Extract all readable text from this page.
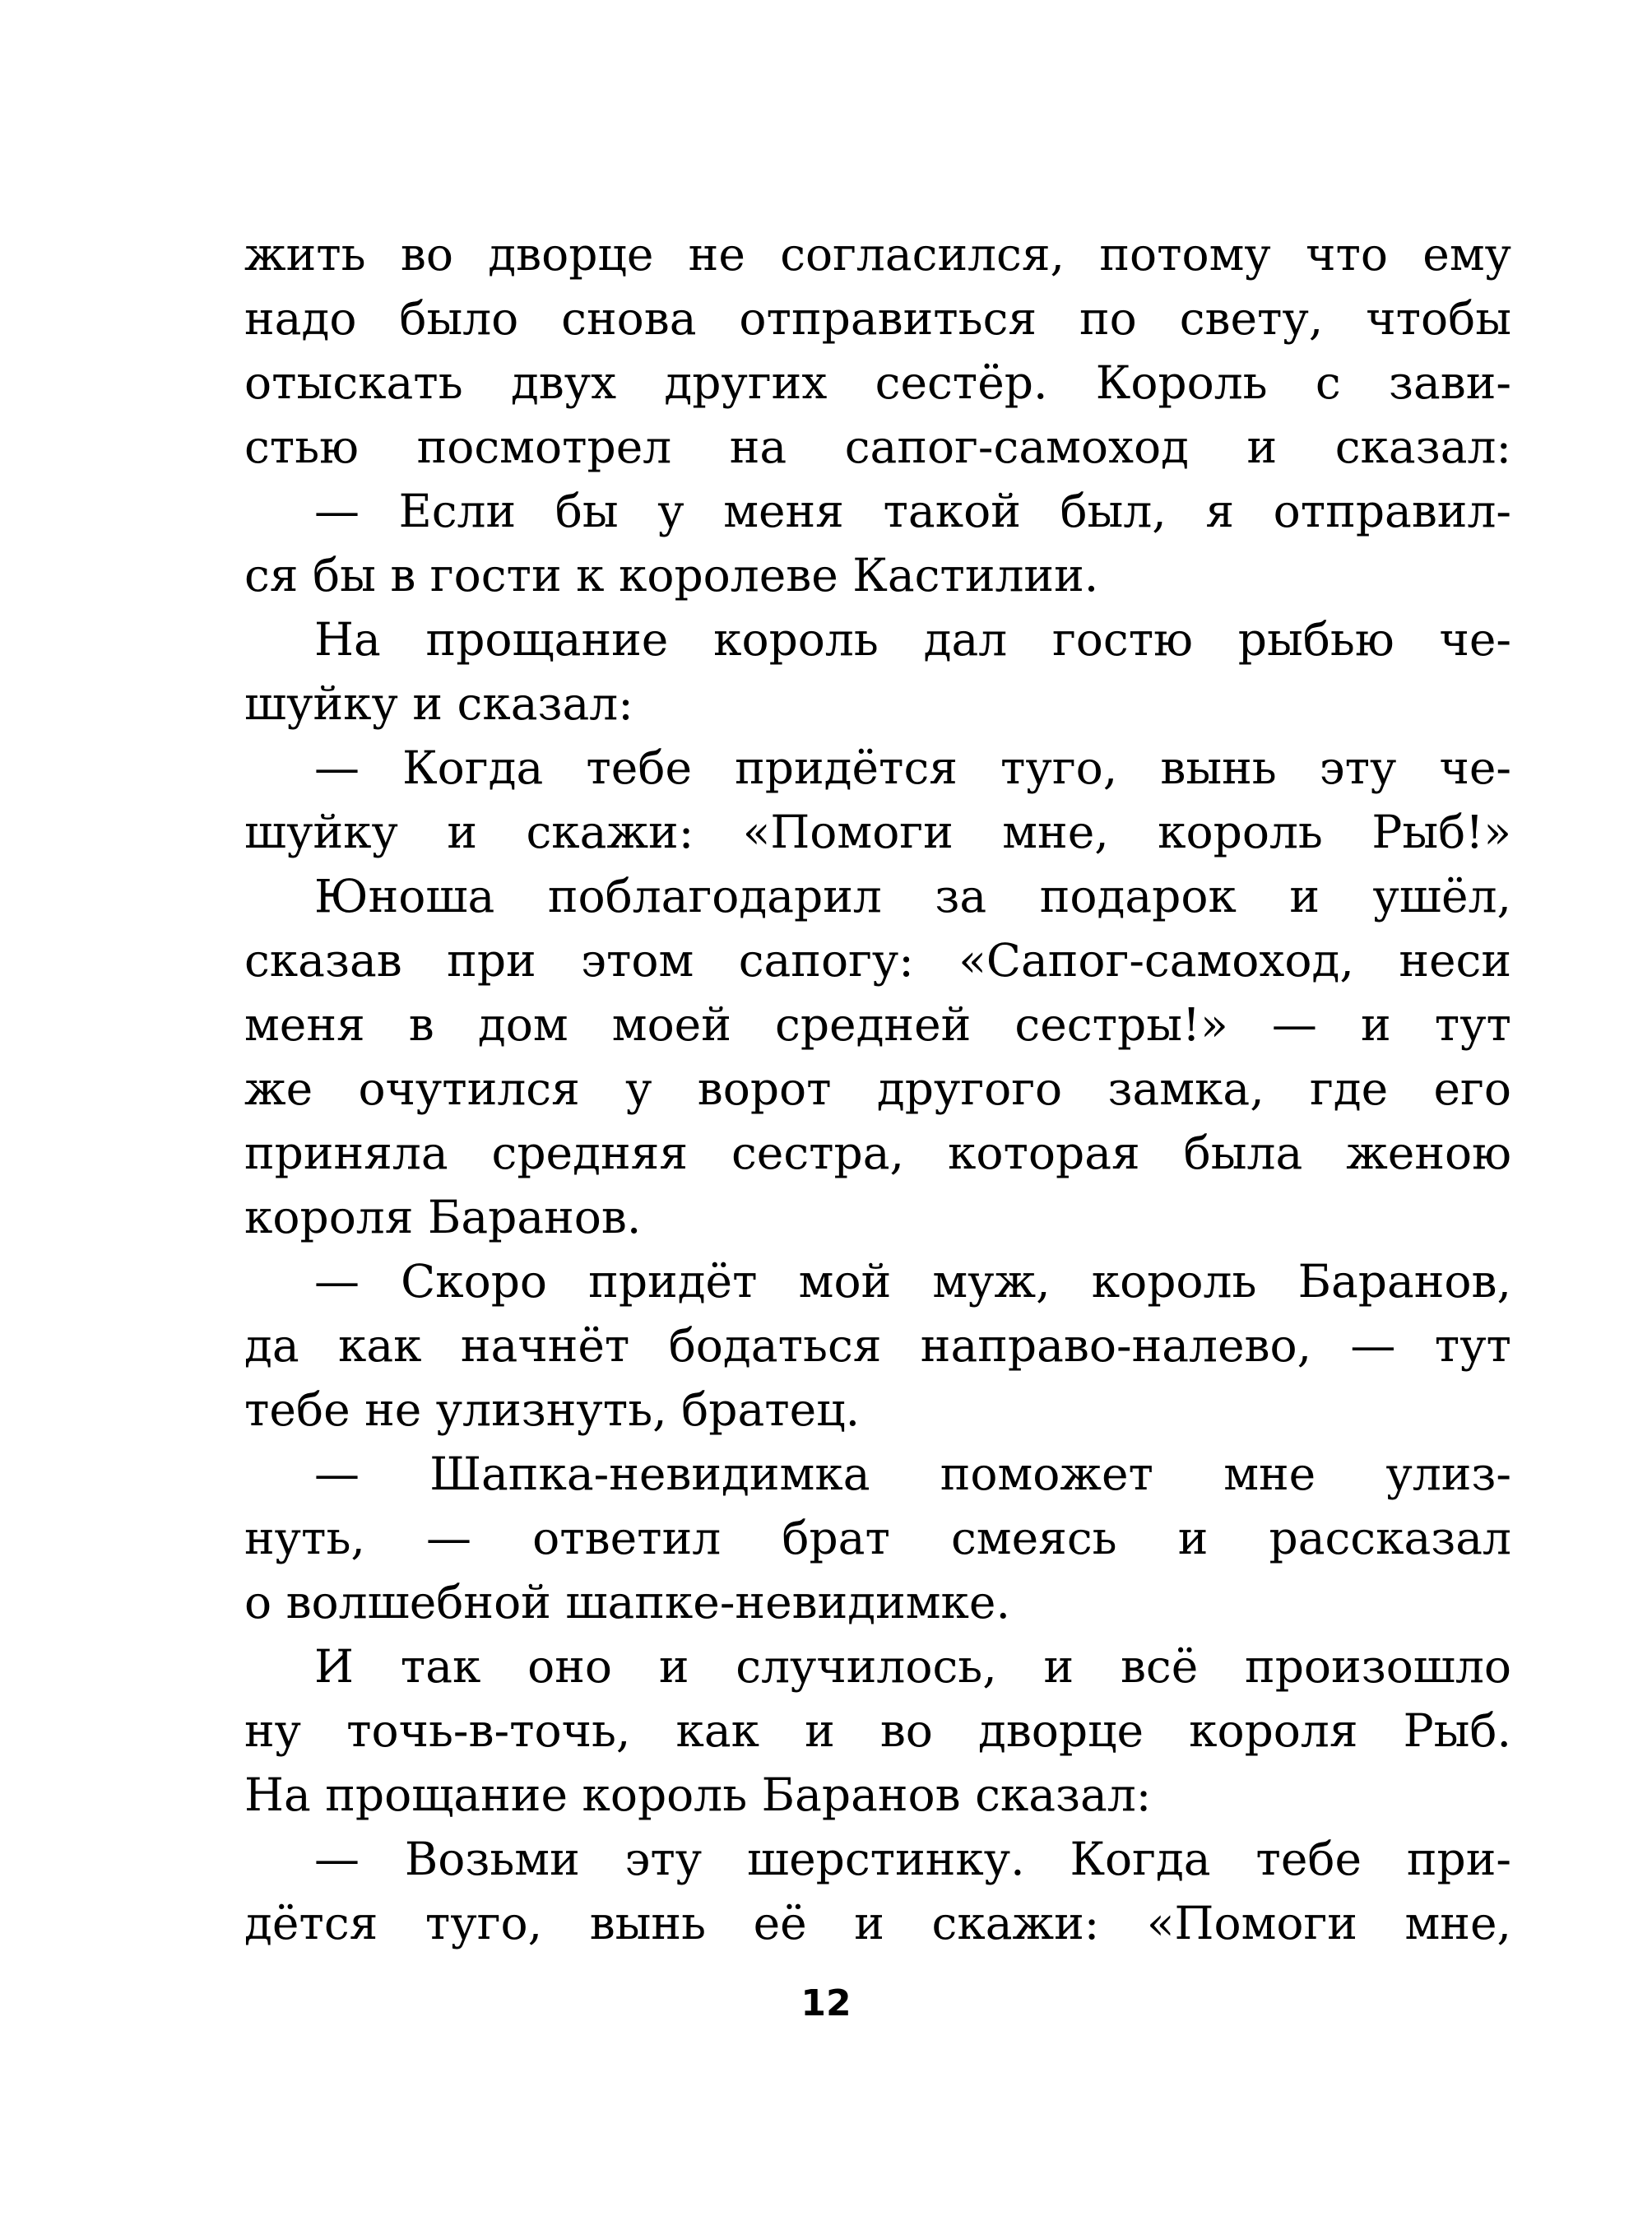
жить во дворце не согласился, потому что ему
надо было снова отправиться по свету, чтобы
отыскать двух других сестёр. Король с зави-
стью посмотрел на сапог-самоход и сказал:
— Если бы у меня такой был, я отправил-
ся бы в гости к королеве Кастилии.
На прощание король дал гостю рыбью че-
шуйку и сказал:
— Когда тебе придётся туго, вынь эту че-
шуйку и скажи: «Помоги мне, король Рыб!»
Юноша поблагодарил за подарок и ушёл,
сказав при этом сапогу: «Сапог-самоход, неси
меня в дом моей средней сестры!» — и тут
же очутился у ворот другого замка, где его
приняла средняя сестра, которая была женою
короля Баранов.
— Скоро придёт мой муж, король Баранов,
да как начнёт бодаться направо-налево, — тут
тебе не улизнуть, братец.
— Шапка-невидимка поможет мне улиз-
нуть, — ответил брат смеясь и рассказал
о волшебной шапке-невидимке.
И так оно и случилось, и всё произошло
ну точь-в-точь, как и во дворце короля Рыб.
На прощание король Баранов сказал:
— Возьми эту шерстинку. Когда тебе при-
дётся туго, вынь её и скажи: «Помоги мне,
12
